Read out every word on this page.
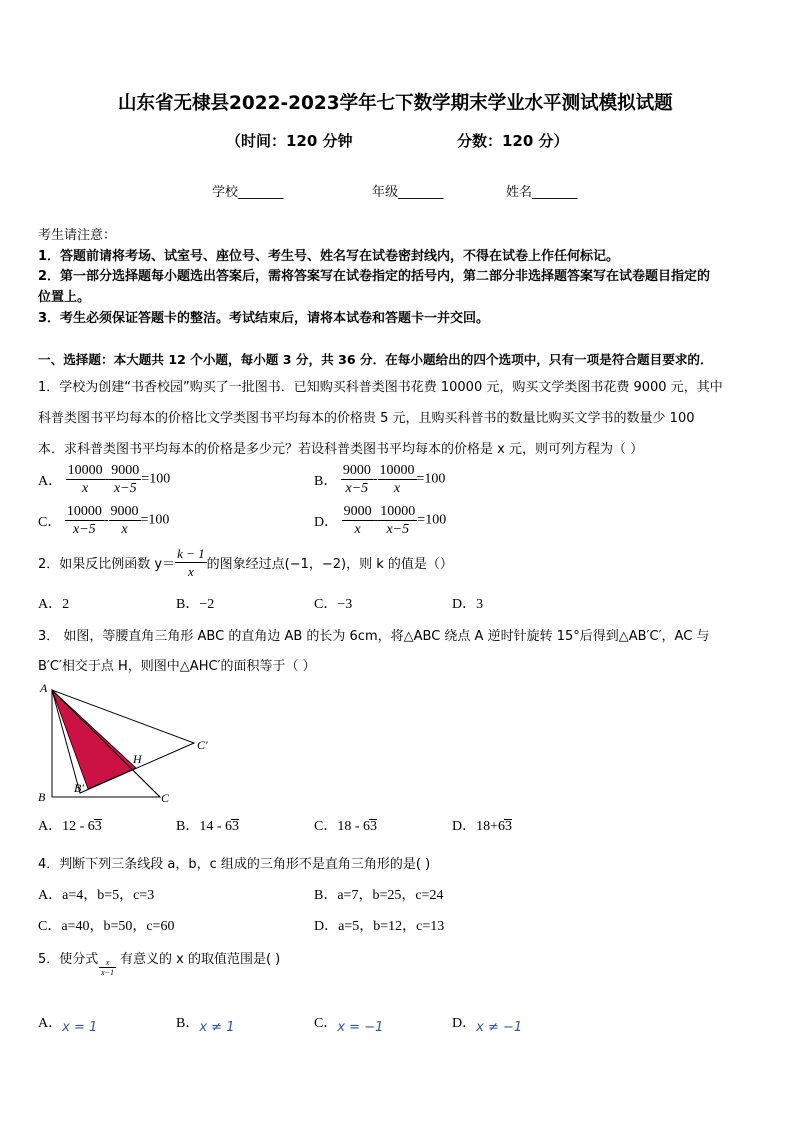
山东省无棣县2022-2023学年七下数学期末学业水平测试模拟试题
（时间：120 分钟	分数：120 分）
学校_______	年级_______	姓名_______
考生请注意：
1．答题前请将考场、试室号、座位号、考生号、姓名写在试卷密封线内，不得在试卷上作任何标记。
2．第一部分选择题每小题选出答案后，需将答案写在试卷指定的括号内，第二部分非选择题答案写在试卷题目指定的
位置上。
3．考生必须保证答题卡的整洁。考试结束后，请将本试卷和答题卡一并交回。
一、选择题：本大题共 12 个小题，每小题 3 分，共 36 分．在每小题给出的四个选项中，只有一项是符合题目要求的．
1．学校为创建“书香校园”购买了一批图书．已知购买科普类图书花费 10000 元，购买文学类图书花费 9000 元，其中
科普类图书平均每本的价格比文学类图书平均每本的价格贵 5 元，且购买科普书的数量比购买文学书的数量少 100
本．求科普类图书平均每本的价格是多少元？若设科普类图书平均每本的价格是 x 元，则可列方程为（ ）
A． $\frac{10000}{x} - \frac{9000}{x-5} =100$	B． $\frac{9000}{x-5} - \frac{10000}{x} =100$
C． $\frac{10000}{x-5} - \frac{9000}{x} =100$	D． $\frac{9000}{x} - \frac{10000}{x-5} =100$
2．如果反比例函数 $y= \frac{k - 1}{x}$ 的图象经过点(−1，−2)，则 k 的值是（）
A．2	B．−2	C．−3	D．3
3． 如图，等腰直角三角形 ABC 的直角边 AB 的长为 6cm，将△ABC 绕点 A 逆时针旋转 15°后得到△AB′C′，AC 与
B′C′相交于点 H，则图中△AHC′的面积等于（ ）
A
B	C
B′
C′
H
A．12 - 63	B．14 - 63	C．18 - 63	D．18+63
4．判断下列三条线段 a，b，c 组成的三角形不是直角三角形的是( )
A．a=4，b=5，c=3	B．a=7，b=25，c=24
C．a=40，b=50，c=60	D．a=5，b=12，c=13
5．使分式 $\frac{x}{x-1}$ 有意义的 x 的取值范围是( )
A．$_{x = 1}$	B．$_{x \ne 1}$	C．$_{x = -1}$	D．$_{x \ne -1}$
